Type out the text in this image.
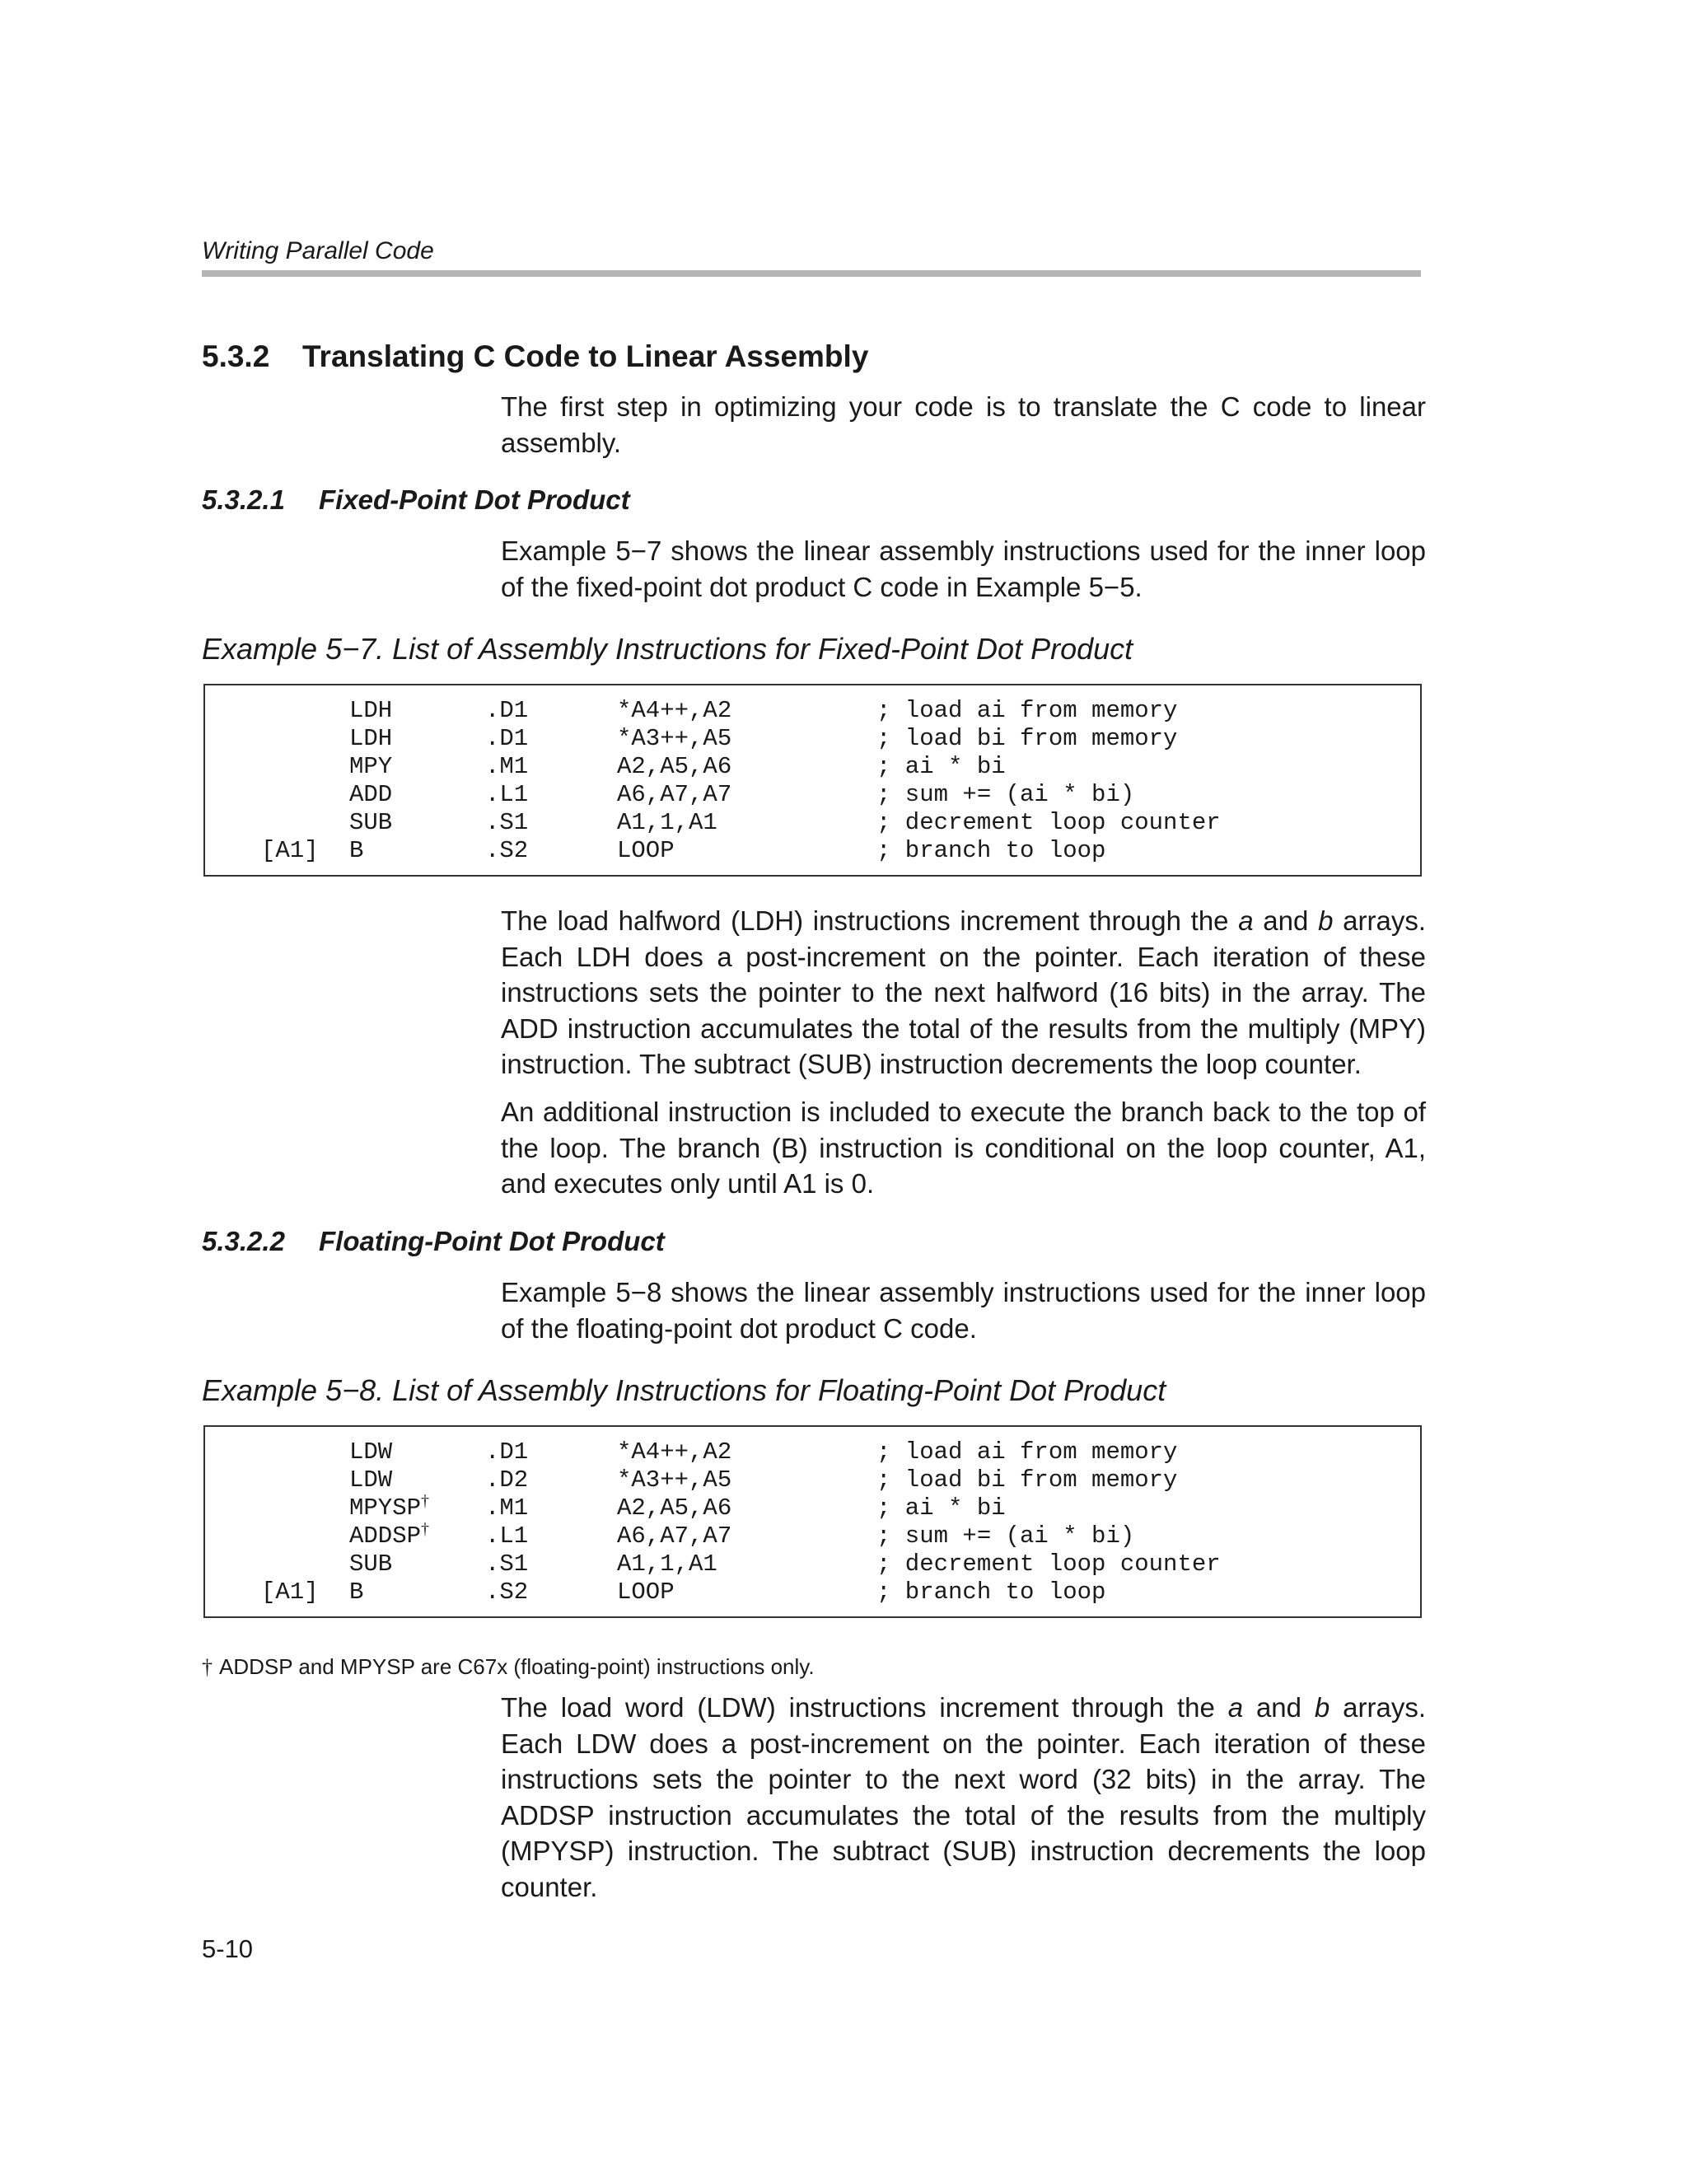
Writing Parallel Code
5.3.2 Translating C Code to Linear Assembly

The first step in optimizing your code is to translate the C code to linear assembly.

5.3.2.1 Fixed-Point Dot Product

Example 5−7 shows the linear assembly instructions used for the inner loop of the fixed-point dot product C code in Example 5−5.

Example 5−7. List of Assembly Instructions for Fixed-Point Dot Product
LDH	.D1	*A4++,A2	; load ai from memory
LDH	.D1	*A3++,A5	; load bi from memory
MPY	.M1	A2,A5,A6	; ai * bi
ADD	.L1	A6,A7,A7	; sum += (ai * bi)
SUB	.S1	A1,1,A1	; decrement loop counter
[A1] B	.S2	LOOP	; branch to loop

The load halfword (LDH) instructions increment through the a and b arrays. Each LDH does a post-increment on the pointer. Each iteration of these instructions sets the pointer to the next halfword (16 bits) in the array. The ADD instruction accumulates the total of the results from the multiply (MPY) instruction. The subtract (SUB) instruction decrements the loop counter.

An additional instruction is included to execute the branch back to the top of the loop. The branch (B) instruction is conditional on the loop counter, A1, and executes only until A1 is 0.

5.3.2.2 Floating-Point Dot Product

Example 5−8 shows the linear assembly instructions used for the inner loop of the floating-point dot product C code.

Example 5−8. List of Assembly Instructions for Floating-Point Dot Product
LDW	.D1	*A4++,A2	; load ai from memory
LDW	.D2	*A3++,A5	; load bi from memory
MPYSP† .M1	A2,A5,A6	; ai * bi
ADDSP† .L1	A6,A7,A7	; sum += (ai * bi)
SUB	.S1	A1,1,A1	; decrement loop counter
[A1] B	.S2	LOOP	; branch to loop
† ADDSP and MPYSP are C67x (floating-point) instructions only.

The load word (LDW) instructions increment through the a and b arrays. Each LDW does a post-increment on the pointer. Each iteration of these instructions sets the pointer to the next word (32 bits) in the array. The ADDSP instruction accumulates the total of the results from the multiply (MPYSP) instruction. The subtract (SUB) instruction decrements the loop counter.

5-10
